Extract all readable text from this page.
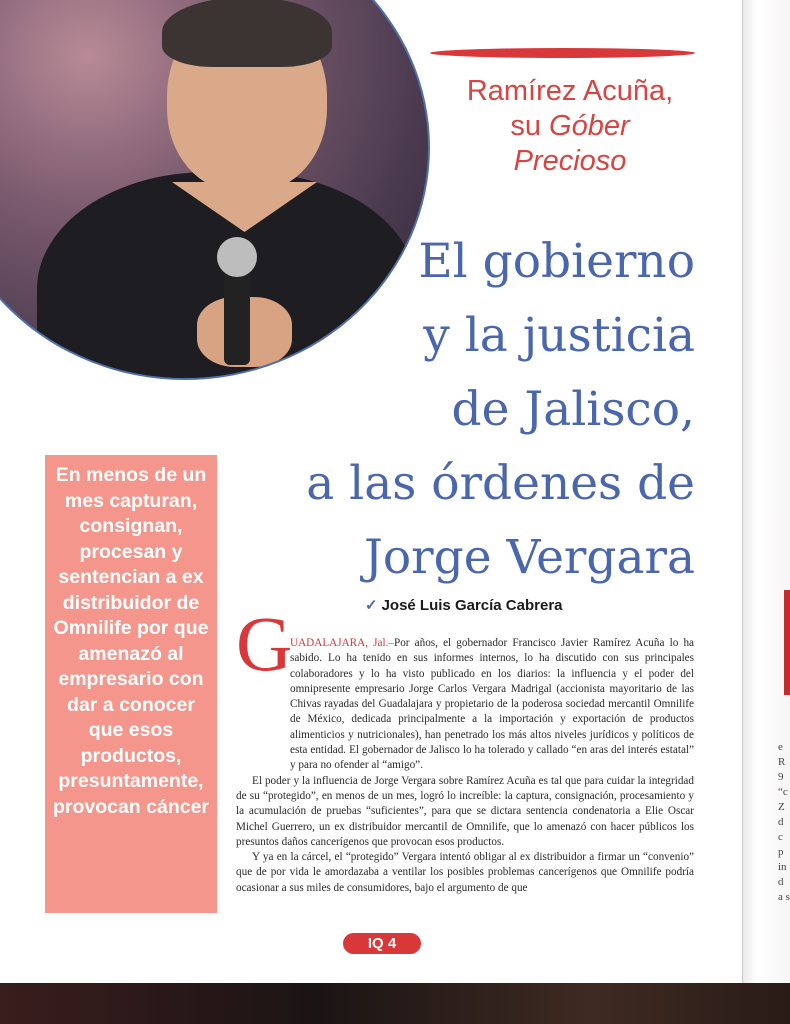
Ramírez Acuña,
su Góber
Precioso
El gobierno
y la justicia
de Jalisco,
a las órdenes de
Jorge Vergara
En menos de un mes capturan, consignan, procesan y sentencian a ex distribuidor de Omnilife por que amenazó al empresario con dar a conocer que esos productos, presuntamente, provocan cáncer
✓ José Luis García Cabrera
G

UADALAJARA, Jal.–Por años, el gobernador Francisco Javier Ramírez Acuña lo ha sabido. Lo ha tenido en sus informes internos, lo ha discutido con sus principales colaboradores y lo ha visto publicado en los diarios: la influencia y el poder del omnipresente empresario Jorge Carlos Vergara Madrigal (accionista mayoritario de las Chivas rayadas del Guadalajara y propietario de la poderosa sociedad mercantil Omnilife de México, dedicada principalmente a la importación y exportación de productos alimenticios y nutricionales), han penetrado los más altos niveles jurídicos y políticos de esta entidad. El gobernador de Jalisco lo ha tolerado y callado “en aras del interés estatal” y para no ofender al “amigo”.

El poder y la influencia de Jorge Vergara sobre Ramírez Acuña es tal que para cuidar la integridad de su “protegido”, en menos de un mes, logró lo increíble: la captura, consignación, procesamiento y la acumulación de pruebas “suficientes”, para que se dictara sentencia condenatoria a Elie Oscar Michel Guerrero, un ex distribuidor mercantil de Omnilife, que lo amenazó con hacer públicos los presuntos daños cancerígenos que provocan esos productos.

Y ya en la cárcel, el “protegido” Vergara intentó obligar al ex distribuidor a firmar un “convenio” que de por vida le amordazaba a ventilar los posibles problemas cancerígenos que Omnilife podría ocasionar a sus miles de consumidores, bajo el argumento de que

IQ 4
e
R
9
“c
Z
d
c
p
in
d
a s
